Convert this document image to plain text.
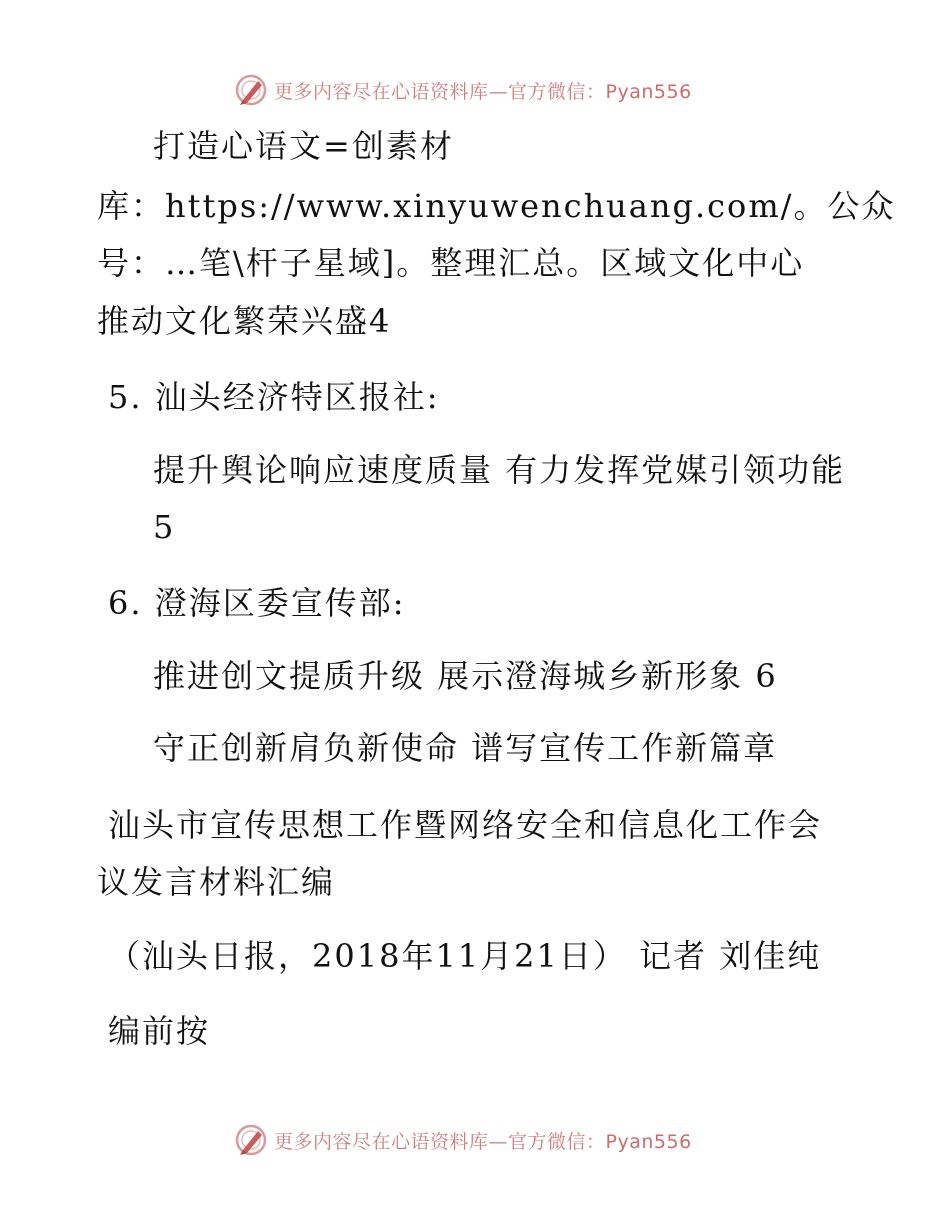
更多内容尽在心语资料库—官方微信：Pyan556
打造心语文=创素材
库：https://www.xinyuwenchuang.com/。公众
号：…笔\杆子星域]。整理汇总。区域文化中心
推动文化繁荣兴盛4
5. 汕头经济特区报社:
提升舆论响应速度质量 有力发挥党媒引领功能
5
6. 澄海区委宣传部:
推进创文提质升级 展示澄海城乡新形象 6
守正创新肩负新使命 谱写宣传工作新篇章
汕头市宣传思想工作暨网络安全和信息化工作会
议发言材料汇编
（汕头日报，2018年11月21日） 记者 刘佳纯
编前按
更多内容尽在心语资料库—官方微信：Pyan556
